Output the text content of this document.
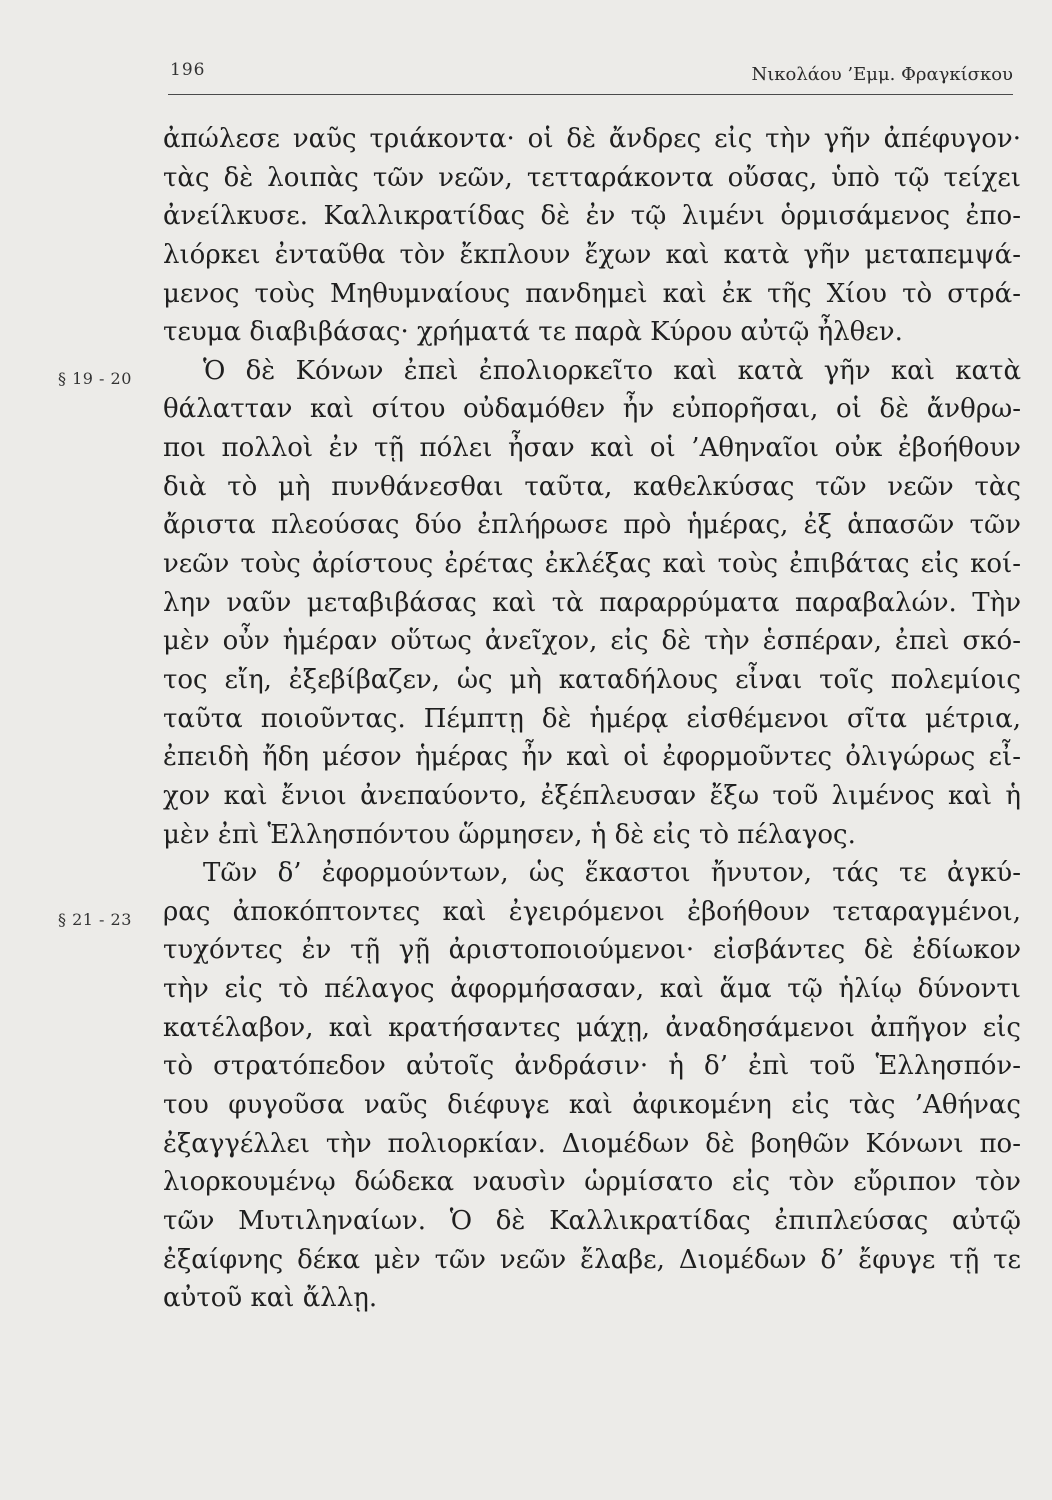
196	Νικολάου ’Εμμ. Φραγκίσκου
§ 19 - 20
§ 21 - 23
ἀπώλεσε ναῦς τριάκοντα· οἱ δὲ ἄνδρες εἰς τὴν γῆν ἀπέφυγον·
τὰς δὲ λοιπὰς τῶν νεῶν, τετταράκοντα οὔσας, ὑπὸ τῷ τείχει
ἀνείλκυσε. Καλλικρατίδας δὲ ἐν τῷ λιμένι ὁρμισάμενος ἐπο-
λιόρκει ἐνταῦθα τὸν ἔκπλουν ἔχων καὶ κατὰ γῆν μεταπεμψά-
μενος τοὺς Μηθυμναίους πανδημεὶ καὶ ἐκ τῆς Χίου τὸ στρά-
τευμα διαβιβάσας· χρήματά τε παρὰ Κύρου αὐτῷ ἦλθεν.
Ὁ δὲ Κόνων ἐπεὶ ἐπολιορκεῖτο καὶ κατὰ γῆν καὶ κατὰ
θάλατταν καὶ σίτου οὐδαμόθεν ἦν εὐπορῆσαι, οἱ δὲ ἄνθρω-
ποι πολλοὶ ἐν τῇ πόλει ἦσαν καὶ οἱ ’Αθηναῖοι οὐκ ἐβοήθουν
διὰ τὸ μὴ πυνθάνεσθαι ταῦτα, καθελκύσας τῶν νεῶν τὰς
ἄριστα πλεούσας δύο ἐπλήρωσε πρὸ ἡμέρας, ἐξ ἁπασῶν τῶν
νεῶν τοὺς ἀρίστους ἐρέτας ἐκλέξας καὶ τοὺς ἐπιβάτας εἰς κοί-
λην ναῦν μεταβιβάσας καὶ τὰ παραρρύματα παραβαλών. Τὴν
μὲν οὖν ἡμέραν οὕτως ἀνεῖχον, εἰς δὲ τὴν ἑσπέραν, ἐπεὶ σκό-
τος εἴη, ἐξεβίβαζεν, ὡς μὴ καταδήλους εἶναι τοῖς πολεμίοις
ταῦτα ποιοῦντας. Πέμπτῃ δὲ ἡμέρᾳ εἰσθέμενοι σῖτα μέτρια,
ἐπειδὴ ἤδη μέσον ἡμέρας ἦν καὶ οἱ ἐφορμοῦντες ὀλιγώρως εἶ-
χον καὶ ἔνιοι ἀνεπαύοντο, ἐξέπλευσαν ἔξω τοῦ λιμένος καὶ ἡ
μὲν ἐπὶ Ἑλλησπόντου ὥρμησεν, ἡ δὲ εἰς τὸ πέλαγος.
Τῶν δ’ ἐφορμούντων, ὡς ἕκαστοι ἤνυτον, τάς τε ἀγκύ-
ρας ἀποκόπτοντες καὶ ἐγειρόμενοι ἐβοήθουν τεταραγμένοι,
τυχόντες ἐν τῇ γῇ ἀριστοποιούμενοι· εἰσβάντες δὲ ἐδίωκον
τὴν εἰς τὸ πέλαγος ἀφορμήσασαν, καὶ ἅμα τῷ ἡλίῳ δύνοντι
κατέλαβον, καὶ κρατήσαντες μάχῃ, ἀναδησάμενοι ἀπῆγον εἰς
τὸ στρατόπεδον αὐτοῖς ἀνδράσιν· ἡ δ’ ἐπὶ τοῦ Ἑλλησπόν-
του φυγοῦσα ναῦς διέφυγε καὶ ἀφικομένη εἰς τὰς ’Αθήνας
ἐξαγγέλλει τὴν πολιορκίαν. Διομέδων δὲ βοηθῶν Κόνωνι πο-
λιορκουμένῳ δώδεκα ναυσὶν ὡρμίσατο εἰς τὸν εὔριπον τὸν
τῶν Μυτιληναίων. Ὁ δὲ Καλλικρατίδας ἐπιπλεύσας αὐτῷ
ἐξαίφνης δέκα μὲν τῶν νεῶν ἔλαβε, Διομέδων δ’ ἔφυγε τῇ τε
αὐτοῦ καὶ ἄλλῃ.
